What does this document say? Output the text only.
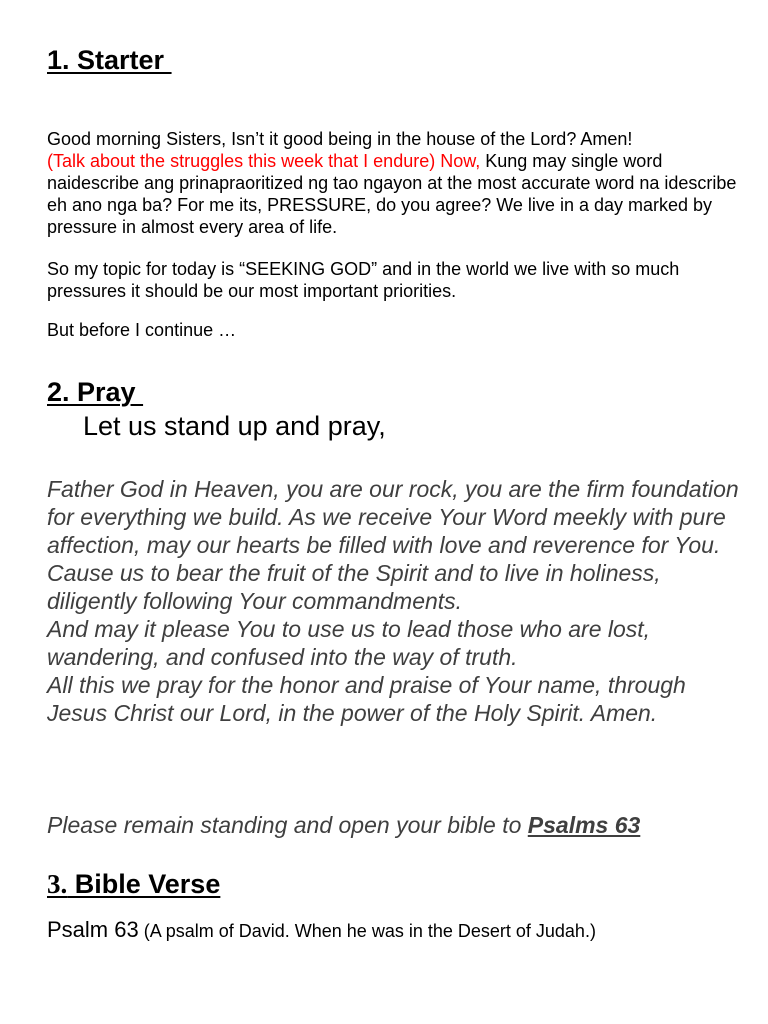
1. Starter

Good morning Sisters, Isn’t it good being in the house of the Lord? Amen!
(Talk about the struggles this week that I endure) Now, Kung may single word naidescribe ang prinapraoritized ng tao ngayon at the most accurate word na idescribe eh ano nga ba? For me its, PRESSURE, do you agree? We live in a day marked by pressure in almost every area of life.

So my topic for today is “SEEKING GOD” and in the world we live with so much pressures it should be our most important priorities.

But before I continue …

2. Pray

Let us stand up and pray,

Father God in Heaven, you are our rock, you are the firm foundation for everything we build. As we receive Your Word meekly with pure affection, may our hearts be filled with love and reverence for You.
Cause us to bear the fruit of the Spirit and to live in holiness, diligently following Your commandments.
And may it please You to use us to lead those who are lost, wandering, and confused into the way of truth.
All this we pray for the honor and praise of Your name, through Jesus Christ our Lord, in the power of the Holy Spirit. Amen.

Please remain standing and open your bible to Psalms 63

3. Bible Verse

Psalm 63 (A psalm of David. When he was in the Desert of Judah.)
